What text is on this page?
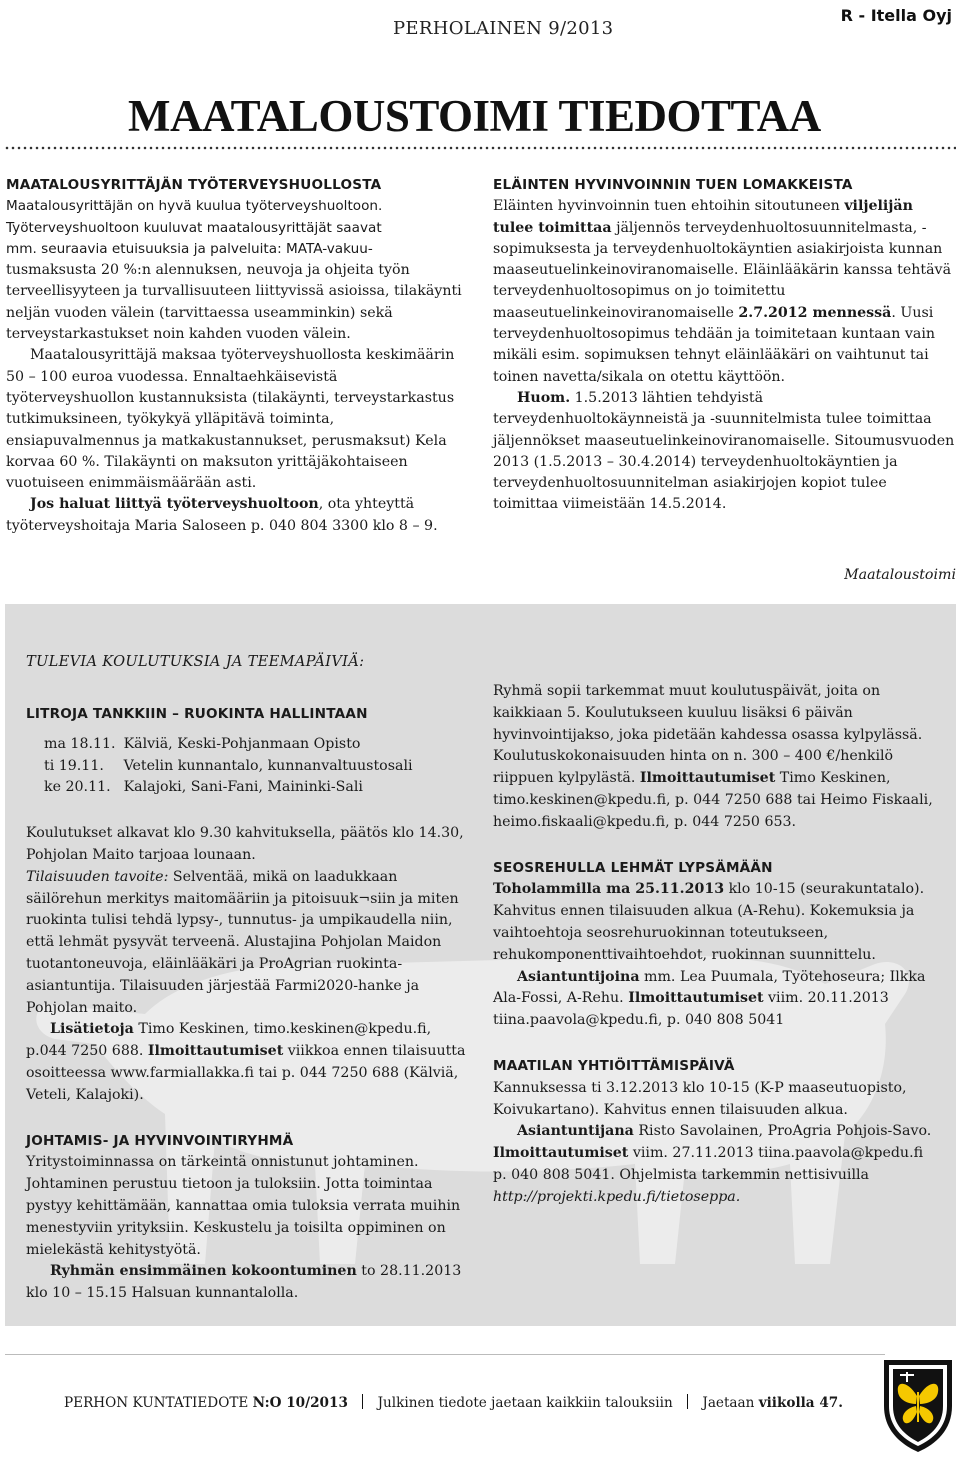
PERHOLAINEN 9/2013
R - Itella Oyj
MAATALOUSTOIMI TIEDOTTAA

MAATALOUSYRITTÄJÄN TYÖTERVEYSHUOLLOSTA

Maatalousyrittäjän on hyvä kuulua työterveyshuoltoon.

Työterveyshuoltoon kuuluvat maatalousyrittäjät saavat

mm. seuraavia etuisuuksia ja palveluita: MATA-vakuu-

tusmaksusta 20 %:n alennuksen, neuvoja ja ohjeita työn terveellisyyteen ja turvallisuuteen liittyvissä asioissa, tilakäynti neljän vuoden välein (tarvittaessa useamminkin) sekä terveystarkastukset noin kahden vuoden välein.

Maatalousyrittäjä maksaa työterveyshuollosta keskimäärin 50 – 100 euroa vuodessa. Ennaltaehkäisevistä työterveyshuollon kustannuksista (tilakäynti, terveystarkastus tutkimuksineen, työkykyä ylläpitävä toiminta, ensiapuvalmennus ja matkakustannukset, perusmaksut) Kela korvaa 60 %. Tilakäynti on maksuton yrittäjäkohtaiseen vuotuiseen enimmäismäärään asti.

Jos haluat liittyä työterveyshuoltoon, ota yhteyttä työterveyshoitaja Maria Saloseen p. 040 804 3300 klo 8 – 9.

ELÄINTEN HYVINVOINNIN TUEN LOMAKKEISTA

Eläinten hyvinvoinnin tuen ehtoihin sitoutuneen viljelijän tulee toimittaa jäljennös terveydenhuoltosuunnitelmasta, - sopimuksesta ja terveydenhuoltokäyntien asiakirjoista kunnan maaseutuelinkeinoviranomaiselle. Eläinlääkärin kanssa tehtävä terveydenhuoltosopimus on jo toimitettu maaseutuelinkeinoviranomaiselle 2.7.2012 mennessä. Uusi terveydenhuoltosopimus tehdään ja toimitetaan kuntaan vain mikäli esim. sopimuksen tehnyt eläinlääkäri on vaihtunut tai toinen navetta/sikala on otettu käyttöön.

Huom. 1.5.2013 lähtien tehdyistä terveydenhuoltokäynneistä ja -suunnitelmista tulee toimittaa jäljennökset maaseutuelinkeinoviranomaiselle. Sitoumusvuoden 2013 (1.5.2013 – 30.4.2014) terveydenhuoltokäyntien ja terveydenhuoltosuunnitelman asiakirjojen kopiot tulee toimittaa viimeistään 14.5.2014.

Maataloustoimi
TULEVIA KOULUTUKSIA JA TEEMAPÄIVIÄ:

LITROJA TANKKIIN – RUOKINTA HALLINTAAN

ma 18.11.	Kälviä, Keski-Pohjanmaan Opisto
ti 19.11.	Vetelin kunnantalo, kunnanvaltuustosali
ke 20.11.	Kalajoki, Sani-Fani, Maininki-Sali

Koulutukset alkavat klo 9.30 kahvituksella, päätös klo 14.30, Pohjolan Maito tarjoaa lounaan.

Tilaisuuden tavoite: Selventää, mikä on laadukkaan säilörehun merkitys maitomääriin ja pitoisuuk¬siin ja miten ruokinta tulisi tehdä lypsy-, tunnutus- ja umpikaudella niin, että lehmät pysyvät terveenä. Alustajina Pohjolan Maidon tuotantoneuvoja, eläinlääkäri ja ProAgrian ruokinta-asiantuntija. Tilaisuuden järjestää Farmi2020-hanke ja Pohjolan maito.

Lisätietoja Timo Keskinen, timo.keskinen@kpedu.fi, p.044 7250 688. Ilmoittautumiset viikkoa ennen tilaisuutta osoitteessa www.farmiallakka.fi tai p. 044 7250 688 (Kälviä, Veteli, Kalajoki).

JOHTAMIS- JA HYVINVOINTIRYHMÄ

Yritystoiminnassa on tärkeintä onnistunut johtaminen. Johtaminen perustuu tietoon ja tuloksiin. Jotta toimintaa pystyy kehittämään, kannattaa omia tuloksia verrata muihin menestyviin yrityksiin. Keskustelu ja toisilta oppiminen on mielekästä kehitystyötä.

Ryhmän ensimmäinen kokoontuminen to 28.11.2013 klo 10 – 15.15 Halsuan kunnantalolla.

Ryhmä sopii tarkemmat muut koulutuspäivät, joita on kaikkiaan 5. Koulutukseen kuuluu lisäksi 6 päivän hyvinvointijakso, joka pidetään kahdessa osassa kylpylässä. Koulutuskokonaisuuden hinta on n. 300 – 400 €/henkilö riippuen kylpylästä. Ilmoittautumiset Timo Keskinen, timo.keskinen@kpedu.fi, p. 044 7250 688 tai Heimo Fiskaali, heimo.fiskaali@kpedu.fi, p. 044 7250 653.

SEOSREHULLA LEHMÄT LYPSÄMÄÄN

Toholammilla ma 25.11.2013 klo 10-15 (seurakuntatalo). Kahvitus ennen tilaisuuden alkua (A-Rehu). Kokemuksia ja vaihtoehtoja seosrehuruokinnan toteutukseen, rehukomponenttivaihtoehdot, ruokinnan suunnittelu.

Asiantuntijoina mm. Lea Puumala, Työtehoseura; Ilkka Ala-Fossi, A-Rehu. Ilmoittautumiset viim. 20.11.2013 tiina.paavola@kpedu.fi, p. 040 808 5041

MAATILAN YHTIÖITTÄMISPÄIVÄ

Kannuksessa ti 3.12.2013 klo 10-15 (K-P maaseutuopisto, Koivukartano). Kahvitus ennen tilaisuuden alkua.

Asiantuntijana Risto Savolainen, ProAgria Pohjois-Savo. Ilmoittautumiset viim. 27.11.2013 tiina.paavola@kpedu.fi p. 040 808 5041. Ohjelmista tarkemmin nettisivuilla http://projekti.kpedu.fi/tietoseppa.

PERHON KUNTATIEDOTE N:O 10/2013 Julkinen tiedote jaetaan kaikkiin talouksiin Jaetaan viikolla 47.
